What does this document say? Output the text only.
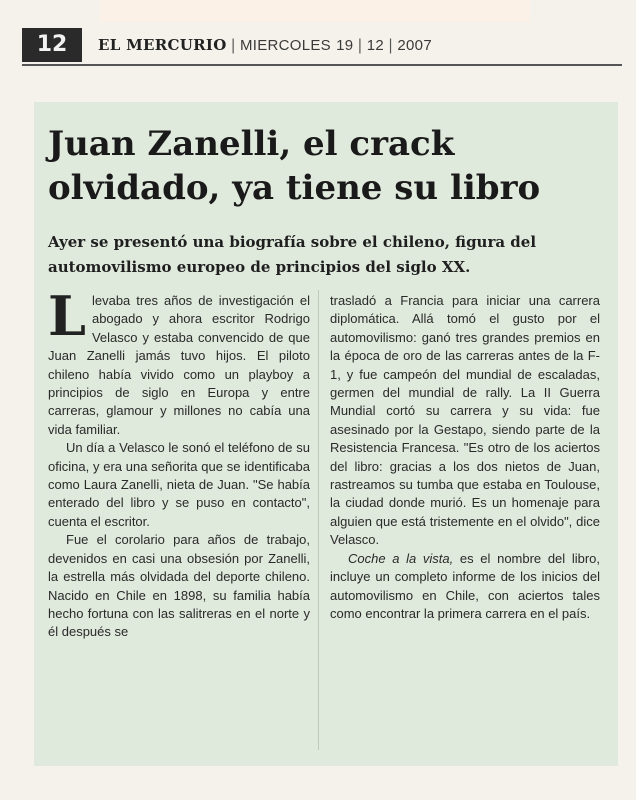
12	EL MERCURIO | MIERCOLES 19 | 12 | 2007
Juan Zanelli, el crack olvidado, ya tiene su libro
Ayer se presentó una biografía sobre el chileno, figura del automovilismo europeo de principios del siglo XX.

Llevaba tres años de investigación el abogado y ahora escritor Rodrigo Velasco y estaba convencido de que Juan Zanelli jamás tuvo hijos. El piloto chileno había vivido como un playboy a principios de siglo en Europa y entre carreras, glamour y millones no cabía una vida familiar.

Un día a Velasco le sonó el teléfono de su oficina, y era una señorita que se identificaba como Laura Zanelli, nieta de Juan. "Se había enterado del libro y se puso en contacto", cuenta el escritor.

Fue el corolario para años de trabajo, devenidos en casi una obsesión por Zanelli, la estrella más olvidada del deporte chileno. Nacido en Chile en 1898, su familia había hecho fortuna con las salitreras en el norte y él después se

trasladó a Francia para iniciar una carrera diplomática. Allá tomó el gusto por el automovilismo: ganó tres grandes premios en la época de oro de las carreras antes de la F-1, y fue campeón del mundial de escaladas, germen del mundial de rally. La II Guerra Mundial cortó su carrera y su vida: fue asesinado por la Gestapo, siendo parte de la Resistencia Francesa. "Es otro de los aciertos del libro: gracias a los dos nietos de Juan, rastreamos su tumba que estaba en Toulouse, la ciudad donde murió. Es un homenaje para alguien que está tristemente en el olvido", dice Velasco.

Coche a la vista, es el nombre del libro, incluye un completo informe de los inicios del automovilismo en Chile, con aciertos tales como encontrar la primera carrera en el país.
